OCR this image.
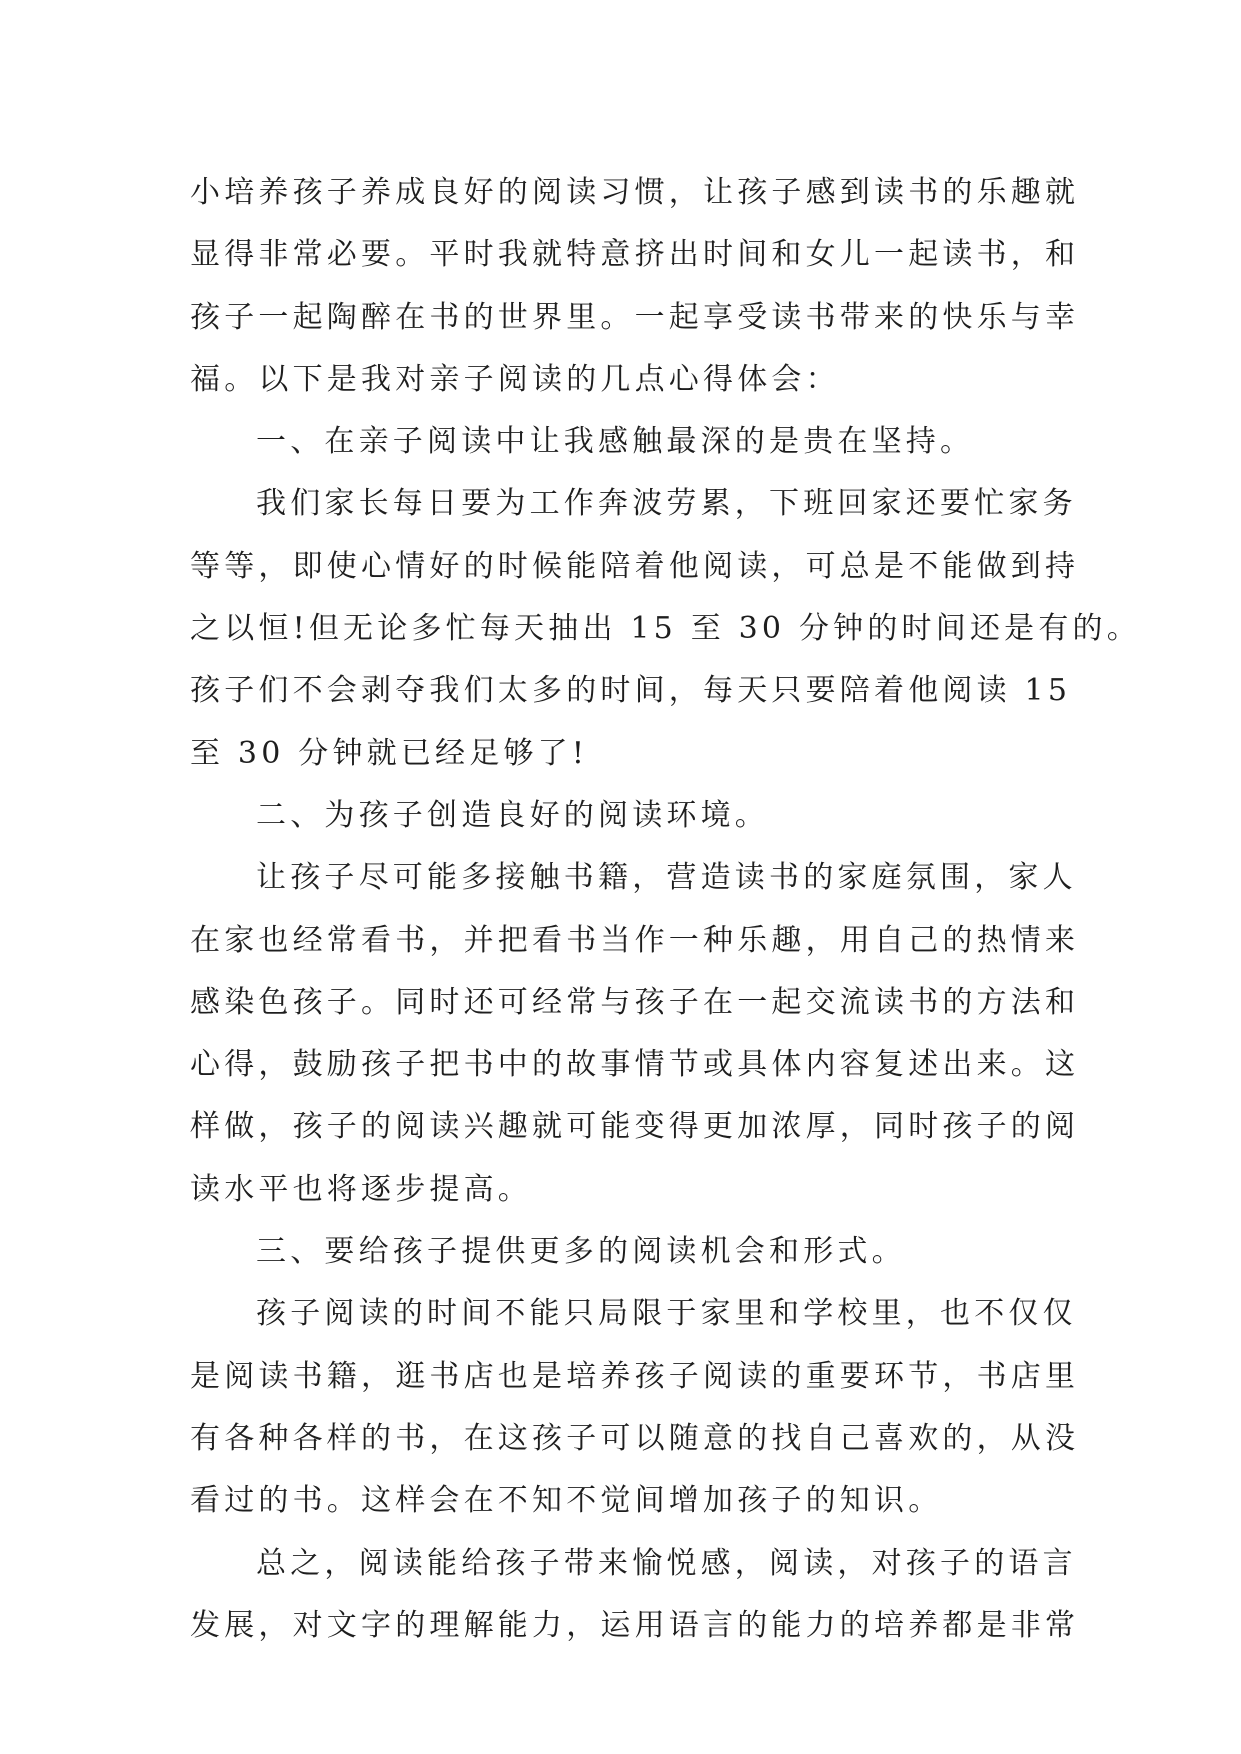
小培养孩子养成良好的阅读习惯，让孩子感到读书的乐趣就
显得非常必要。平时我就特意挤出时间和女儿一起读书，和
孩子一起陶醉在书的世界里。一起享受读书带来的快乐与幸
福。以下是我对亲子阅读的几点心得体会：
一、在亲子阅读中让我感触最深的是贵在坚持。
我们家长每日要为工作奔波劳累，下班回家还要忙家务
等等，即使心情好的时候能陪着他阅读，可总是不能做到持
之以恒!但无论多忙每天抽出 15 至 30 分钟的时间还是有的。
孩子们不会剥夺我们太多的时间，每天只要陪着他阅读 15
至 30 分钟就已经足够了!
二、为孩子创造良好的阅读环境。
让孩子尽可能多接触书籍，营造读书的家庭氛围，家人
在家也经常看书，并把看书当作一种乐趣，用自己的热情来
感染色孩子。同时还可经常与孩子在一起交流读书的方法和
心得，鼓励孩子把书中的故事情节或具体内容复述出来。这
样做，孩子的阅读兴趣就可能变得更加浓厚，同时孩子的阅
读水平也将逐步提高。
三、要给孩子提供更多的阅读机会和形式。
孩子阅读的时间不能只局限于家里和学校里，也不仅仅
是阅读书籍，逛书店也是培养孩子阅读的重要环节，书店里
有各种各样的书，在这孩子可以随意的找自己喜欢的，从没
看过的书。这样会在不知不觉间增加孩子的知识。
总之，阅读能给孩子带来愉悦感，阅读，对孩子的语言
发展，对文字的理解能力，运用语言的能力的培养都是非常
